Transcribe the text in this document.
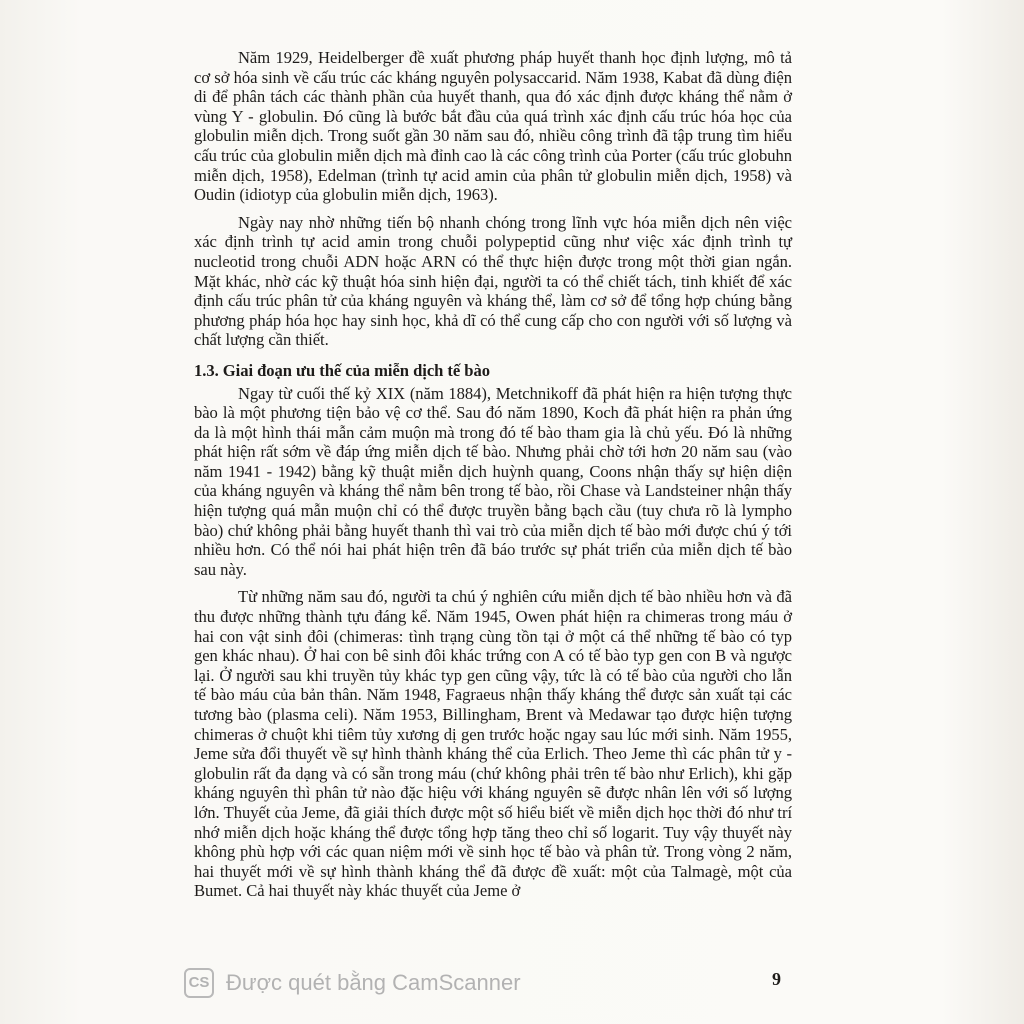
Năm 1929, Heidelberger đề xuất phương pháp huyết thanh học định lượng, mô tả cơ sở hóa sinh về cấu trúc các kháng nguyên polysaccarid. Năm 1938, Kabat đã dùng điện di để phân tách các thành phần của huyết thanh, qua đó xác định được kháng thể nằm ở vùng Y - globulin. Đó cũng là bước bắt đầu của quá trình xác định cấu trúc hóa học của globulin miễn dịch. Trong suốt gần 30 năm sau đó, nhiều công trình đã tập trung tìm hiểu cấu trúc của globulin miễn dịch mà đỉnh cao là các công trình của Porter (cấu trúc globuhn miễn dịch, 1958), Edelman (trình tự acid amin của phân tử globulin miễn dịch, 1958) và Oudin (idiotyp của globulin miễn dịch, 1963).

Ngày nay nhờ những tiến bộ nhanh chóng trong lĩnh vực hóa miễn dịch nên việc xác định trình tự acid amin trong chuỗi polypeptid cũng như việc xác định trình tự nucleotid trong chuỗi ADN hoặc ARN có thể thực hiện được trong một thời gian ngắn. Mặt khác, nhờ các kỹ thuật hóa sinh hiện đại, người ta có thể chiết tách, tinh khiết để xác định cấu trúc phân tử của kháng nguyên và kháng thể, làm cơ sở để tổng hợp chúng bằng phương pháp hóa học hay sinh học, khả dĩ có thể cung cấp cho con người với số lượng và chất lượng cần thiết.

1.3. Giai đoạn ưu thế của miễn dịch tế bào

Ngay từ cuối thế kỷ XIX (năm 1884), Metchnikoff đã phát hiện ra hiện tượng thực bào là một phương tiện bảo vệ cơ thể. Sau đó năm 1890, Koch đã phát hiện ra phản ứng da là một hình thái mẫn cảm muộn mà trong đó tế bào tham gia là chủ yếu. Đó là những phát hiện rất sớm về đáp ứng miễn dịch tế bào. Nhưng phải chờ tới hơn 20 năm sau (vào năm 1941 - 1942) bằng kỹ thuật miễn dịch huỳnh quang, Coons nhận thấy sự hiện diện của kháng nguyên và kháng thể nằm bên trong tế bào, rồi Chase và Landsteiner nhận thấy hiện tượng quá mẫn muộn chỉ có thể được truyền bằng bạch cầu (tuy chưa rõ là lympho bào) chứ không phải bằng huyết thanh thì vai trò của miễn dịch tế bào mới được chú ý tới nhiều hơn. Có thể nói hai phát hiện trên đã báo trước sự phát triển của miễn dịch tế bào sau này.

Từ những năm sau đó, người ta chú ý nghiên cứu miễn dịch tế bào nhiều hơn và đã thu được những thành tựu đáng kể. Năm 1945, Owen phát hiện ra chimeras trong máu ở hai con vật sinh đôi (chimeras: tình trạng cùng tồn tại ở một cá thể những tế bào có typ gen khác nhau). Ở hai con bê sinh đôi khác trứng con A có tế bào typ gen con B và ngược lại. Ở người sau khi truyền tủy khác typ gen cũng vậy, tức là có tế bào của người cho lẫn tế bào máu của bản thân. Năm 1948, Fagraeus nhận thấy kháng thể được sản xuất tại các tương bào (plasma celi). Năm 1953, Billingham, Brent và Medawar tạo được hiện tượng chimeras ở chuột khi tiêm tủy xương dị gen trước hoặc ngay sau lúc mới sinh. Năm 1955, Jeme sửa đổi thuyết về sự hình thành kháng thể của Erlich. Theo Jeme thì các phân tử y - globulin rất đa dạng và có sẵn trong máu (chứ không phải trên tế bào như Erlich), khi gặp kháng nguyên thì phân tử nào đặc hiệu với kháng nguyên sẽ được nhân lên với số lượng lớn. Thuyết của Jeme, đã giải thích được một số hiểu biết về miễn dịch học thời đó như trí nhớ miễn dịch hoặc kháng thể được tổng hợp tăng theo chỉ số logarit. Tuy vậy thuyết này không phù hợp với các quan niệm mới về sinh học tế bào và phân tử. Trong vòng 2 năm, hai thuyết mới về sự hình thành kháng thể đã được đề xuất: một của Talmagè, một của Bumet. Cả hai thuyết này khác thuyết của Jeme ở

CS Được quét bằng CamScanner	9
